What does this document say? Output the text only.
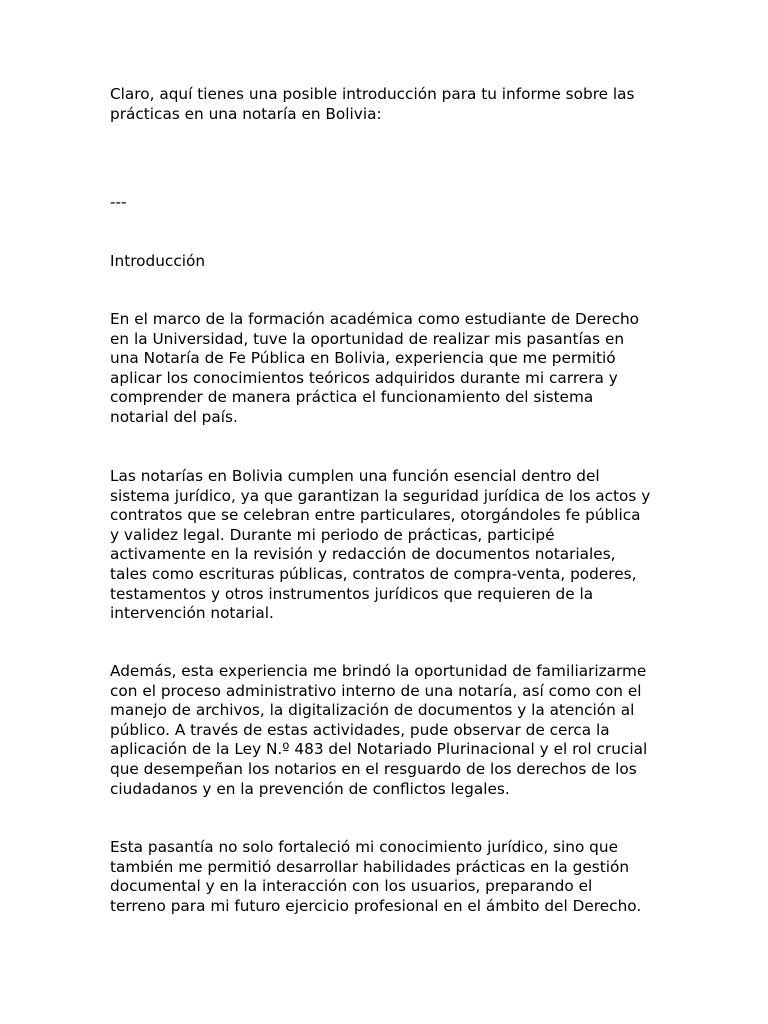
Claro, aquí tienes una posible introducción para tu informe sobre las
prácticas en una notaría en Bolivia:

---

Introducción

En el marco de la formación académica como estudiante de Derecho
en la Universidad, tuve la oportunidad de realizar mis pasantías en
una Notaría de Fe Pública en Bolivia, experiencia que me permitió
aplicar los conocimientos teóricos adquiridos durante mi carrera y
comprender de manera práctica el funcionamiento del sistema
notarial del país.

Las notarías en Bolivia cumplen una función esencial dentro del
sistema jurídico, ya que garantizan la seguridad jurídica de los actos y
contratos que se celebran entre particulares, otorgándoles fe pública
y validez legal. Durante mi periodo de prácticas, participé
activamente en la revisión y redacción de documentos notariales,
tales como escrituras públicas, contratos de compra-venta, poderes,
testamentos y otros instrumentos jurídicos que requieren de la
intervención notarial.

Además, esta experiencia me brindó la oportunidad de familiarizarme
con el proceso administrativo interno de una notaría, así como con el
manejo de archivos, la digitalización de documentos y la atención al
público. A través de estas actividades, pude observar de cerca la
aplicación de la Ley N.º 483 del Notariado Plurinacional y el rol crucial
que desempeñan los notarios en el resguardo de los derechos de los
ciudadanos y en la prevención de conflictos legales.

Esta pasantía no solo fortaleció mi conocimiento jurídico, sino que
también me permitió desarrollar habilidades prácticas en la gestión
documental y en la interacción con los usuarios, preparando el
terreno para mi futuro ejercicio profesional en el ámbito del Derecho.
